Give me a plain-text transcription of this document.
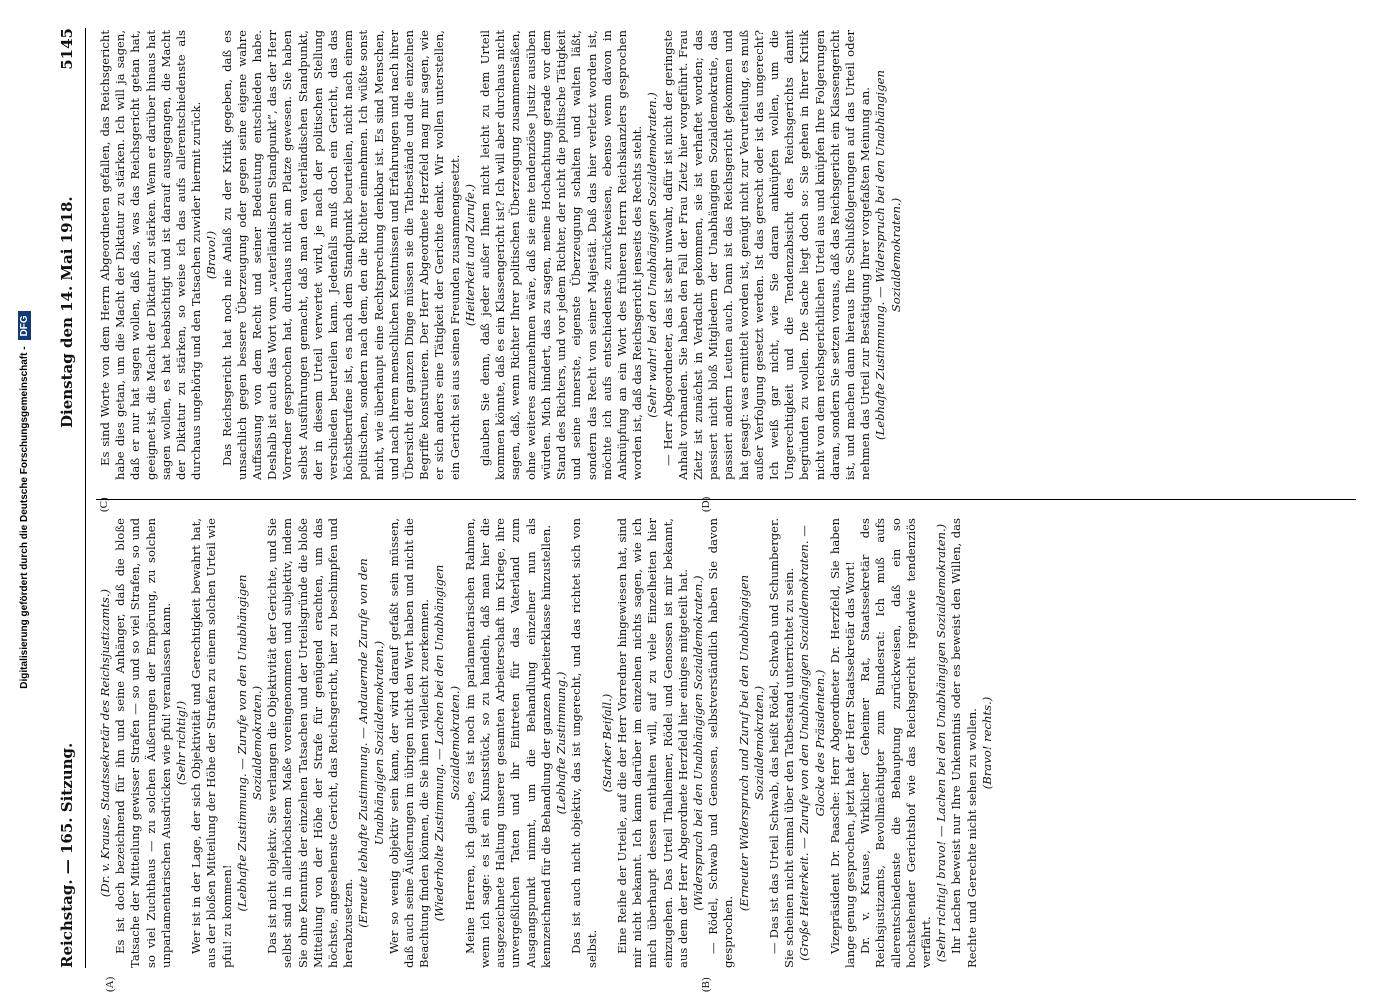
Digitalisierung gefördert durch die Deutsche Forschungsgemeinschaft -
DFG
Reichstag. — 165. Sitzung.
Dienstag den 14. Mai 1918.
5145
(A)	(B)
(C)	(D)

(Dr. v. Krause, Staatssekretär des Reichsjustizamts.) Es ist doch bezeichnend für ihn und seine Anhänger, daß die bloße Tatsache der Mitteilung gewisser Strafen — so und so viel Strafen, so und so viel Zuchthaus — zu solchen Äußerungen der Empörung, zu solchen unparlamentarischen Ausdrücken wie pfui! veranlassen kann. (Sehr richtig!) Wer ist in der Lage, der sich Objektivität und Gerechtigkeit bewahrt hat, aus der bloßen Mitteilung der Höhe der Strafen zu einem solchen Urteil wie pfui! zu kommen!

(Lebhafte Zustimmung. — Zurufe von den Unabhängigen Sozialdemokraten.) Das ist nicht objektiv. Sie verlangen die Objektivität der Gerichte, und Sie selbst sind in allerhöchstem Maße voreingenommen und subjektiv, indem Sie ohne Kenntnis der einzelnen Tatsachen und der Urteilsgründe die bloße Mitteilung von der Höhe der Strafe für genügend erachten, um das höchste, angesehenste Gericht, das Reichsgericht, hier zu beschimpfen und herabzusetzen. (Erneute lebhafte Zustimmung. — Andauernde Zurufe von den Unabhängigen Sozialdemokraten.) Wer so wenig objektiv sein kann, der wird darauf gefaßt sein müssen, daß auch seine Äußerungen im übrigen nicht den Wert haben und nicht die Beachtung finden können, die Sie ihnen vielleicht zuerkennen. (Wiederholte Zustimmung. — Lachen bei den Unabhängigen Sozialdemokraten.) Meine Herren, ich glaube, es ist noch im parlamentarischen Rahmen, wenn ich sage: es ist ein Kunststück, so zu handeln, daß man hier die ausgezeichnete Haltung unserer gesamten Arbeiterschaft im Kriege, ihre unvergeßlichen Taten und ihr Eintreten für das Vaterland zum Ausgangspunkt nimmt, um die Behandlung einzelner nun als kennzeichnend für die Behandlung der ganzen Arbeiterklasse hinzustellen. (Lebhafte Zustimmung.) Das ist auch nicht objektiv, das ist ungerecht, und das richtet sich von selbst.

(Starker Beifall.) Eine Reihe der Urteile, auf die der Herr Vorredner hingewiesen hat, sind mir nicht bekannt. Ich kann darüber im einzelnen nichts sagen, wie ich mich überhaupt dessen enthalten will, auf zu viele Einzelheiten hier einzugehen. Das Urteil Thalheimer, Rödel und Genossen ist mir bekannt, aus dem der Herr Abgeordnete Herzfeld hier einiges mitgeteilt hat. (Widerspruch bei den Unabhängigen Sozialdemokraten.) — Rödel, Schwab und Genossen, selbstverständlich haben Sie davon gesprochen.

(Erneuter Widerspruch und Zuruf bei den Unabhängigen Sozialdemokraten.) — Das ist das Urteil Schwab, das heißt Rödel, Schwab und Schumberger. Sie scheinen nicht einmal über den Tatbestand unterrichtet zu sein. (Große Heiterkeit. — Zurufe von den Unabhängigen Sozialdemokraten. — Glocke des Präsidenten.) Vizepräsident Dr. Paasche: Herr Abgeordneter Dr. Herzfeld, Sie haben lange genug gesprochen, jetzt hat der Herr Staatssekretär das Wort! Dr. v. Krause, Wirklicher Geheimer Rat, Staatssekretär des Reichsjustizamts, Bevollmächtigter zum Bundesrat: Ich muß aufs allerentschiedenste die Behauptung zurückweisen, daß ein so hochstehender Gerichtshof wie das Reichsgericht irgendwie tendenziös verfährt. (Sehr richtig! bravo! — Lachen bei den Unabhängigen Sozialdemokraten.) Ihr Lachen beweist nur Ihre Unkenntnis oder es beweist den Willen, das Rechte und Gerechte nicht sehen zu wollen. (Bravo! rechts.)

Es sind Worte von dem Herrn Abgeordneten gefallen, das Reichsgericht habe dies getan, um die Macht der Diktatur zu stärken. Ich will ja sagen, daß er nur hat sagen wollen, daß das, was das Reichsgericht getan hat, geeignet ist, die Macht der Diktatur zu stärken. Wenn er darüber hinaus hat sagen wollen, es hat beabsichtigt und ist darauf ausgegangen, die Macht der Diktatur zu stärken, so weise ich das aufs allerentschiedenste als durchaus ungehörig und den Tatsachen zuwider hiermit zurück. (Bravo!) Das Reichsgericht hat noch nie Anlaß zu der Kritik gegeben, daß es unsachlich gegen bessere Überzeugung oder gegen seine eigene wahre Auffassung von dem Recht und seiner Bedeutung entschieden habe. Deshalb ist auch das Wort vom „vaterländischen Standpunkt“, das der Herr Vorredner gesprochen hat, durchaus nicht am Platze gewesen. Sie haben selbst Ausführungen gemacht, daß man den vaterländischen Standpunkt, der in diesem Urteil verwertet wird, je nach der politischen Stellung verschieden beurteilen kann. Jedenfalls muß doch ein Gericht, das das höchstberufene ist, es nach dem Standpunkt beurteilen, nicht nach einem politischen, sondern nach dem, den die Richter einnehmen. Ich wüßte sonst nicht, wie überhaupt eine Rechtsprechung denkbar ist. Es sind Menschen, und nach ihrem menschlichen Kenntnissen und Erfahrungen und nach ihrer Übersicht der ganzen Dinge müssen sie die Tatbestände und die einzelnen Begriffe konstruieren. Der Herr Abgeordnete Herzfeld mag mir sagen, wie er sich anders eine Tätigkeit der Gerichte denkt. Wir wollen unterstellen, ein Gericht sei aus seinen Freunden zusammengesetzt. (Heiterkeit und Zurufe.) glauben Sie denn, daß jeder außer Ihnen nicht leicht zu dem Urteil kommen könnte, daß es ein Klassengericht ist? Ich will aber durchaus nicht sagen, daß, wenn Richter Ihrer politischen Überzeugung zusammensäßen, ohne weiteres anzunehmen wäre, daß sie eine tendenziöse Justiz ausüben würden. Mich hindert, das zu sagen, meine Hochachtung gerade vor dem Stand des Richters, und vor jedem Richter, der nicht die politische Tätigkeit und seine innerste, eigenste Überzeugung schalten und walten läßt, sondern das Recht von seiner Majestät. Daß das hier verletzt worden ist, möchte ich aufs entschiedenste zurückweisen, ebenso wenn davon in Anknüpfung an ein Wort des früheren Herrn Reichskanzlers gesprochen worden ist, daß das Reichsgericht jenseits des Rechts steht. (Sehr wahr! bei den Unabhängigen Sozialdemokraten.) — Herr Abgeordneter, das ist sehr unwahr, dafür ist nicht der geringste Anhalt vorhanden. Sie haben den Fall der Frau Zietz hier vorgeführt. Frau Zietz ist zunächst in Verdacht gekommen, sie ist verhaftet worden; das passiert nicht bloß Mitgliedern der Unabhängigen Sozialdemokratie, das passiert andern Leuten auch. Dann ist das Reichsgericht gekommen und hat gesagt: was ermittelt worden ist, genügt nicht zur Verurteilung, es muß außer Verfolgung gesetzt werden. Ist das gerecht oder ist das ungerecht? Ich weiß gar nicht, wie Sie daran anknüpfen wollen, um die Ungerechtigkeit und die Tendenzabsicht des Reichsgerichts damit begründen zu wollen. Die Sache liegt doch so: Sie gehen in Ihrer Kritik nicht von dem reichsgerichtlichen Urteil aus und knüpfen Ihre Folgerungen daran, sondern Sie setzen voraus, daß das Reichsgericht ein Klassengericht ist, und machen dann hieraus Ihre Schlußfolgerungen auf das Urteil oder nehmen das Urteil zur Bestätigung Ihrer vorgefaßten Meinung an. (Lebhafte Zustimmung. — Widerspruch bei den Unabhängigen Sozialdemokraten.)
